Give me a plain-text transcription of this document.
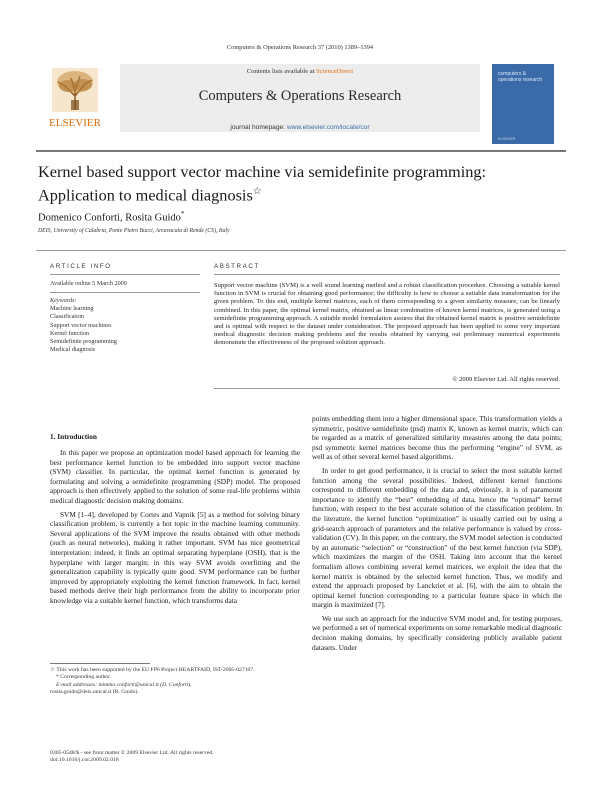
Computers & Operations Research 37 (2010) 1389–1394
Contents lists available at ScienceDirect
Computers & Operations Research
journal homepage: www.elsevier.com/locate/cor
ELSEVIER
computers & operations research
ELSEVIER
Kernel based support vector machine via semidefinite programming: Application to medical diagnosis☆
Domenico Conforti, Rosita Guido*
DEIS, University of Calabria, Ponte Pietro Bucci, Arcavacata di Rende (CS), Italy
ARTICLE INFO
Available online 5 March 2009
Keywords:
Machine learning
Classification
Support vector machines
Kernel function
Semidefinite programming
Medical diagnosis
ABSTRACT
Support vector machine (SVM) is a well sound learning method and a robust classification procedure. Choosing a suitable kernel function in SVM is crucial for obtaining good performance; the difficulty is how to choose a suitable data transformation for the given problem. To this end, multiple kernel matrices, each of them corresponding to a given similarity measure, can be linearly combined. In this paper, the optimal kernel matrix, obtained as linear combination of known kernel matrices, is generated using a semidefinite programming approach. A suitable model formulation assures that the obtained kernel matrix is positive semidefinite and is optimal with respect to the dataset under consideration. The proposed approach has been applied to some very important medical diagnostic decision making problems and the results obtained by carrying out preliminary numerical experiments demonstrate the effectiveness of the proposed solution approach.
© 2009 Elsevier Ltd. All rights reserved.
1. Introduction

In this paper we propose an optimization model based approach for learning the best performance kernel function to be embedded into support vector machine (SVM) classifier. In particular, the optimal kernel function is generated by formulating and solving a semidefinite programming (SDP) model. The proposed approach is then effectively applied to the solution of some real-life problems within medical diagnostic decision making domains.

SVM [1–4], developed by Cortes and Vapnik [5] as a method for solving binary classification problem, is currently a hot topic in the machine learning community. Several applications of the SVM improve the results obtained with other methods (such as neural networks), making it rather important. SVM has nice geometrical interpretation: indeed, it finds an optimal separating hyperplane (OSH), that is the hyperplane with larger margin; in this way SVM avoids overfitting and the generalization capability is typically quite good. SVM performance can be further improved by appropriately exploiting the kernel function framework. In fact, kernel based methods derive their high performance from the ability to incorporate prior knowledge via a suitable kernel function, which transforms data

☆ This work has been supported by the EU FP6 Project HEARTFAID, IST-2005-027107.
* Corresponding author.
E-mail addresses: mimmo.conforti@unical.it (D. Conforti),
rosita.guido@deis.unical.it (R. Guido).
0305-0548/$ - see front matter © 2009 Elsevier Ltd. All rights reserved.
doi:10.1016/j.cor.2009.02.018

points embedding them into a higher dimensional space. This transformation yields a symmetric, positive semidefinite (psd) matrix K, known as kernel matrix, which can be regarded as a matrix of generalized similarity measures among the data points; psd symmetric kernel matrices become thus the performing “engine” of SVM, as well as of other several kernel based algorithms.

In order to get good performance, it is crucial to select the most suitable kernel function among the several possibilities. Indeed, different kernel functions correspond to different embedding of the data and, obviously, it is of paramount importance to identify the “best” embedding of data, hence the “optimal” kernel function, with respect to the best accurate solution of the classification problem. In the literature, the kernel function “optimization” is usually carried out by using a grid-search approach of parameters and the relative performance is valued by cross-validation (CV). In this paper, on the contrary, the SVM model selection is conducted by an automatic “selection” or “construction” of the best kernel function (via SDP), which maximizes the margin of the OSH. Taking into account that the kernel formalism allows combining several kernel matrices, we exploit the idea that the kernel matrix is obtained by the selected kernel function. Thus, we modify and extend the approach proposed by Lanckriet et al. [6], with the aim to obtain the optimal kernel function corresponding to a particular feature space in which the margin is maximized [7].

We use such an approach for the inductive SVM model and, for testing purposes, we performed a set of numerical experiments on some remarkable medical diagnostic decision making domains, by specifically considering publicly available patient datasets. Under
